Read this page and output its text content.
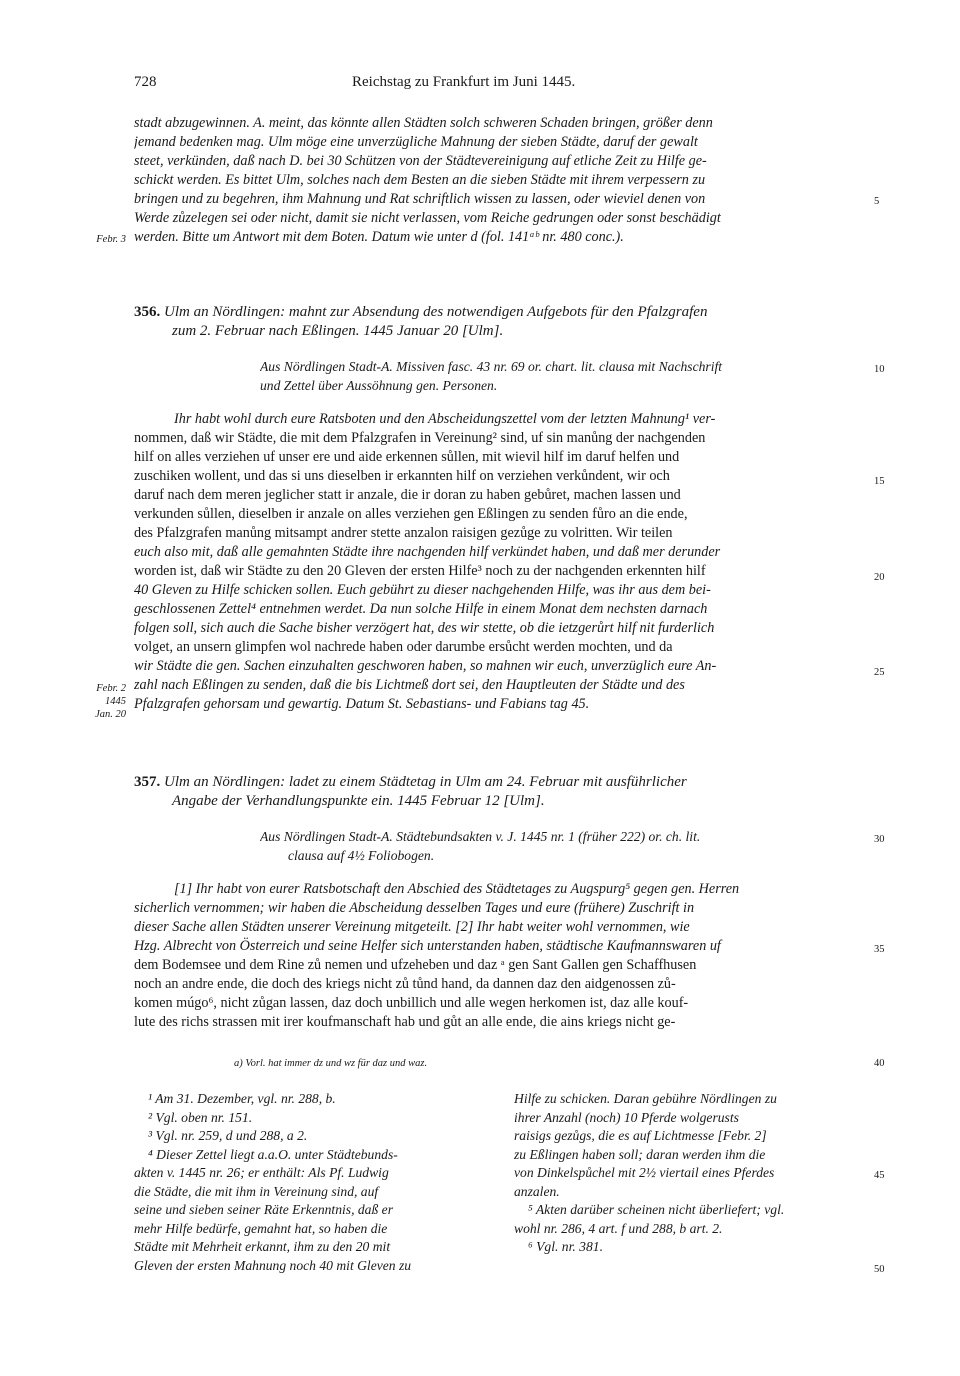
728	Reichstag zu Frankfurt im Juni 1445.
stadt abzugewinnen. A. meint, das könnte allen Städten solch schweren Schaden bringen, größer denn
jemand bedenken mag. Ulm möge eine unverzügliche Mahnung der sieben Städte, daruf der gewalt
steet, verkünden, daß nach D. bei 30 Schützen von der Städtevereinigung auf etliche Zeit zu Hilfe ge-
schickt werden. Es bittet Ulm, solches nach dem Besten an die sieben Städte mit ihrem verpessern zu
bringen und zu begehren, ihm Mahnung und Rat schriftlich wissen zu lassen, oder wieviel denen von
Werde zůzelegen sei oder nicht, damit sie nicht verlassen, vom Reiche gedrungen oder sonst beschädigt
werden. Bitte um Antwort mit dem Boten. Datum wie unter d (fol. 141ᵃᵇ nr. 480 conc.).
Febr. 3
5
356. Ulm an Nördlingen: mahnt zur Absendung des notwendigen Aufgebots für den Pfalzgrafen
zum 2. Februar nach Eßlingen. 1445 Januar 20 [Ulm].
Aus Nördlingen Stadt-A. Missiven fasc. 43 nr. 69 or. chart. lit. clausa mit Nachschrift
und Zettel über Aussöhnung gen. Personen.
10
Ihr habt wohl durch eure Ratsboten und den Abscheidungszettel vom der letzten Mahnung¹ ver-
nommen, daß wir Städte, die mit dem Pfalzgrafen in Vereinung² sind, uf sin manůng der nachgenden
hilf on alles verziehen uf unser ere und aide erkennen sůllen, mit wievil hilf im daruf helfen und
zuschiken wollent, und das si uns dieselben ir erkannten hilf on verziehen verkůndent, wir och
daruf nach dem meren jeglicher statt ir anzale, die ir doran zu haben gebůret, machen lassen und
verkunden sůllen, dieselben ir anzale on alles verziehen gen Eßlingen zu senden fůro an die ende,
des Pfalzgrafen manůng mitsampt andrer stette anzalon raisigen gezůge zu volritten. Wir teilen
euch also mit, daß alle gemahnten Städte ihre nachgenden hilf verkündet haben, und daß mer derunder
worden ist, daß wir Städte zu den 20 Gleven der ersten Hilfe³ noch zu der nachgenden erkennten hilf
40 Gleven zu Hilfe schicken sollen. Euch gebührt zu dieser nachgehenden Hilfe, was ihr aus dem bei-
geschlossenen Zettel⁴ entnehmen werdet. Da nun solche Hilfe in einem Monat dem nechsten darnach
folgen soll, sich auch die Sache bisher verzögert hat, des wir stette, ob die ietzgerůrt hilf nit furderlich
volget, an unsern glimpfen wol nachrede haben oder darumbe ersůcht werden mochten, und da
wir Städte die gen. Sachen einzuhalten geschworen haben, so mahnen wir euch, unverzüglich eure An-
zahl nach Eßlingen zu senden, daß die bis Lichtmeß dort sei, den Hauptleuten der Städte und des
Pfalzgrafen gehorsam und gewartig. Datum St. Sebastians- und Fabians tag 45.
15
20
25
Febr. 2
1445
Jan. 20
357. Ulm an Nördlingen: ladet zu einem Städtetag in Ulm am 24. Februar mit ausführlicher
Angabe der Verhandlungspunkte ein. 1445 Februar 12 [Ulm].
Aus Nördlingen Stadt-A. Städtebundsakten v. J. 1445 nr. 1 (früher 222) or. ch. lit.
clausa auf 4½ Foliobogen.
30
[1] Ihr habt von eurer Ratsbotschaft den Abschied des Städtetages zu Augspurg⁵ gegen gen. Herren
sicherlich vernommen; wir haben die Abscheidung desselben Tages und eure (frühere) Zuschrift in
dieser Sache allen Städten unserer Vereinung mitgeteilt. [2] Ihr habt weiter wohl vernommen, wie
Hzg. Albrecht von Österreich und seine Helfer sich unterstanden haben, städtische Kaufmannswaren uf
dem Bodemsee und dem Rine zů nemen und ufzeheben und daz ᵃ gen Sant Gallen gen Schaffhusen
noch an andre ende, die doch des kriegs nicht zů tůnd hand, da dannen daz den aidgenossen zů-
komen múgo⁶, nicht zůgan lassen, daz doch unbillich und alle wegen herkomen ist, daz alle kouf-
lute des richs strassen mit irer koufmanschaft hab und gůt an alle ende, die ains kriegs nicht ge-
35
a) Vorl. hat immer dz und wz für daz und waz.	40
¹ Am 31. Dezember, vgl. nr. 288, b.
² Vgl. oben nr. 151.
³ Vgl. nr. 259, d und 288, a 2.
⁴ Dieser Zettel liegt a.a.O. unter Städtebunds-
akten v. 1445 nr. 26; er enthält: Als Pf. Ludwig
die Städte, die mit ihm in Vereinung sind, auf
seine und sieben seiner Räte Erkenntnis, daß er
mehr Hilfe bedürfe, gemahnt hat, so haben die
Städte mit Mehrheit erkannt, ihm zu den 20 mit
Gleven der ersten Mahnung noch 40 mit Gleven zu
Hilfe zu schicken. Daran gebühre Nördlingen zu
ihrer Anzahl (noch) 10 Pferde wolgerusts
raisigs gezůgs, die es auf Lichtmesse [Febr. 2]
zu Eßlingen haben soll; daran werden ihm die
von Dinkelspůchel mit 2½ viertail eines Pferdes
anzalen.
⁵ Akten darüber scheinen nicht überliefert; vgl.
wohl nr. 286, 4 art. f und 288, b art. 2.
⁶ Vgl. nr. 381.
45
50
